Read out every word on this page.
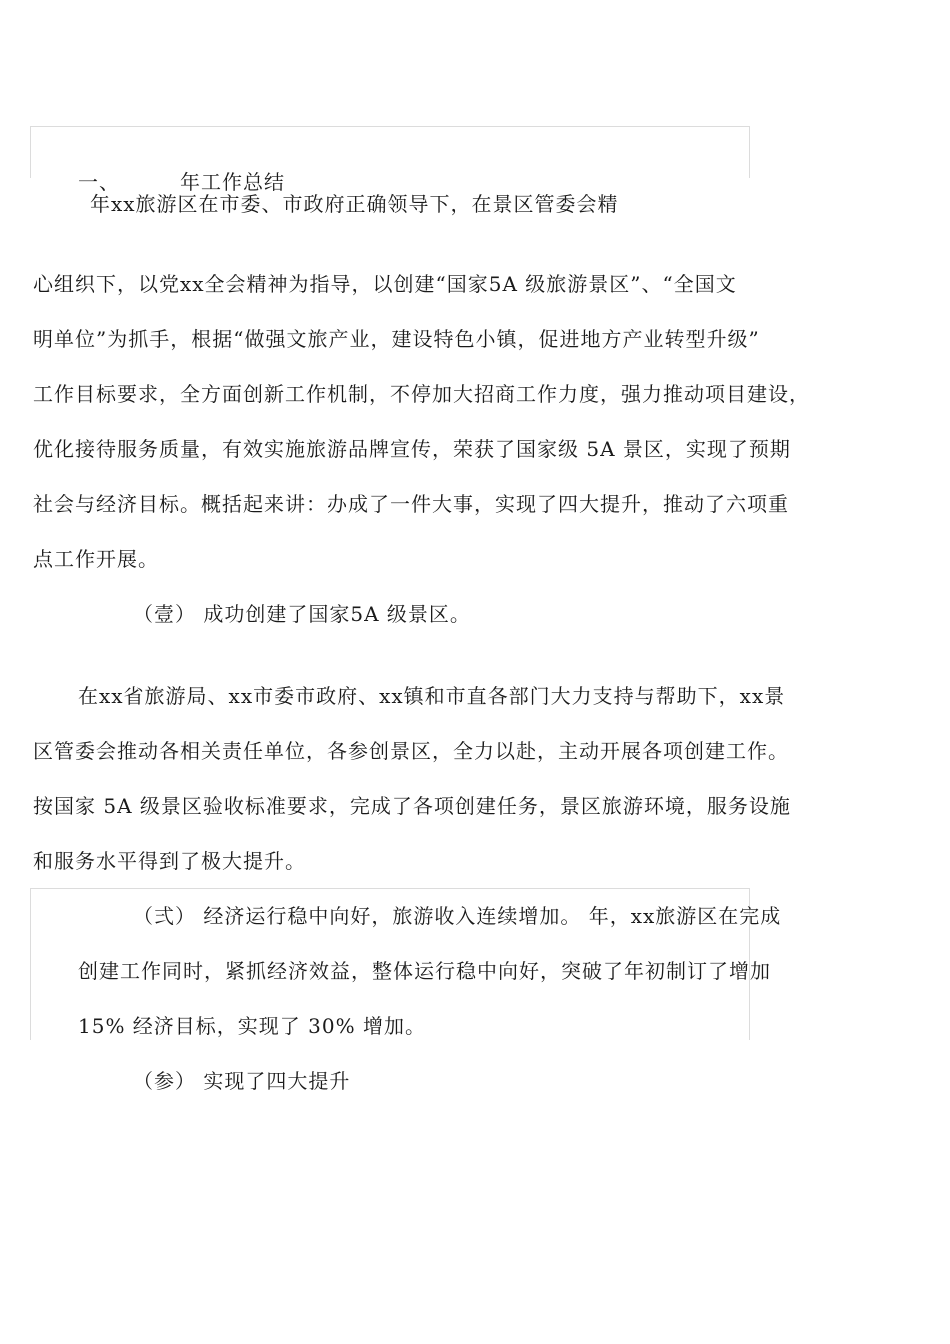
一、	年工作总结
年xx旅游区在市委、市政府正确领导下，在景区管委会精
心组织下，以党xx全会精神为指导，以创建“国家5A 级旅游景区”、“全国文
明单位”为抓手，根据“做强文旅产业，建设特色小镇，促进地方产业转型升级”
工作目标要求，全方面创新工作机制，不停加大招商工作力度，强力推动项目建设，
优化接待服务质量，有效实施旅游品牌宣传，荣获了国家级 5A 景区，实现了预期
社会与经济目标。概括起来讲：办成了一件大事，实现了四大提升，推动了六项重
点工作开展。
（壹） 成功创建了国家5A 级景区。
在xx省旅游局、xx市委市政府、xx镇和市直各部门大力支持与帮助下，xx景
区管委会推动各相关责任单位，各参创景区，全力以赴，主动开展各项创建工作。
按国家 5A 级景区验收标准要求，完成了各项创建任务，景区旅游环境，服务设施
和服务水平得到了极大提升。
（弍） 经济运行稳中向好，旅游收入连续增加。 年，xx旅游区在完成
创建工作同时，紧抓经济效益，整体运行稳中向好，突破了年初制订了增加
15% 经济目标，实现了 30% 增加。
（参） 实现了四大提升
